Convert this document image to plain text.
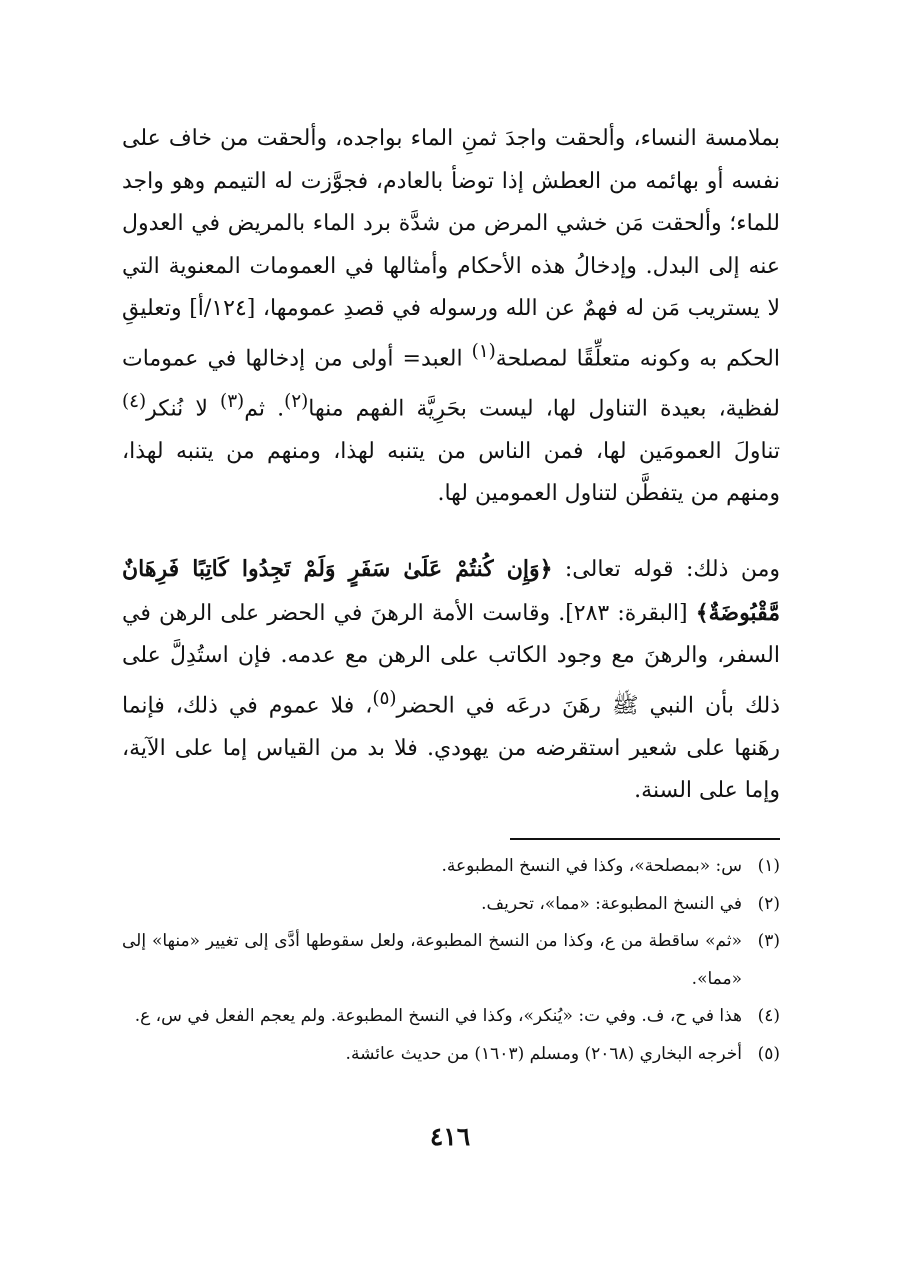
بملامسة النساء، وألحقت واجدَ ثمنِ الماء بواجده، وألحقت من خاف على نفسه أو بهائمه من العطش إذا توضأ بالعادم، فجوَّزت له التيمم وهو واجد للماء؛ وألحقت مَن خشي المرض من شدَّة برد الماء بالمريض في العدول عنه إلى البدل. وإدخالُ هذه الأحكام وأمثالها في العمومات المعنوية التي لا يستريب مَن له فهمٌ عن الله ورسوله في قصدِ عمومها، [١٢٤/أ] وتعليقِ الحكم به وكونه متعلِّقًا لمصلحة$^{(١)}$ العبد= أولى من إدخالها في عمومات لفظية، بعيدة التناول لها، ليست بحَرِيَّة الفهم منها$^{(٢)}$. ثم$^{(٣)}$ لا نُنكر$^{(٤)}$ تناولَ العمومَين لها، فمن الناس من يتنبه لهذا، ومنهم من يتنبه لهذا، ومنهم من يتفطَّن لتناول العمومين لها.

ومن ذلك: قوله تعالى: ﴿وَإِن كُنتُمْ عَلَىٰ سَفَرٍ وَلَمْ تَجِدُوا كَاتِبًا فَرِهَانٌ مَّقْبُوضَةٌ﴾ [البقرة: ٢٨٣]. وقاست الأمة الرهنَ في الحضر على الرهن في السفر، والرهنَ مع وجود الكاتب على الرهن مع عدمه. فإن استُدِلَّ على ذلك بأن النبي ﷺ رهَنَ درعَه في الحضر$^{(٥)}$، فلا عموم في ذلك، فإنما رهَنها على شعير استقرضه من يهودي. فلا بد من القياس إما على الآية، وإما على السنة.

(١)
س: «بمصلحة»، وكذا في النسخ المطبوعة.
(٢)
في النسخ المطبوعة: «مما»، تحريف.
(٣)
«ثم» ساقطة من ع، وكذا من النسخ المطبوعة، ولعل سقوطها أدَّى إلى تغيير «منها» إلى «مما».
(٤)
هذا في ح، ف. وفي ت: «يُنكر»، وكذا في النسخ المطبوعة. ولم يعجم الفعل في س، ع.
(٥)
أخرجه البخاري (٢٠٦٨) ومسلم (١٦٠٣) من حديث عائشة.
٤١٦
